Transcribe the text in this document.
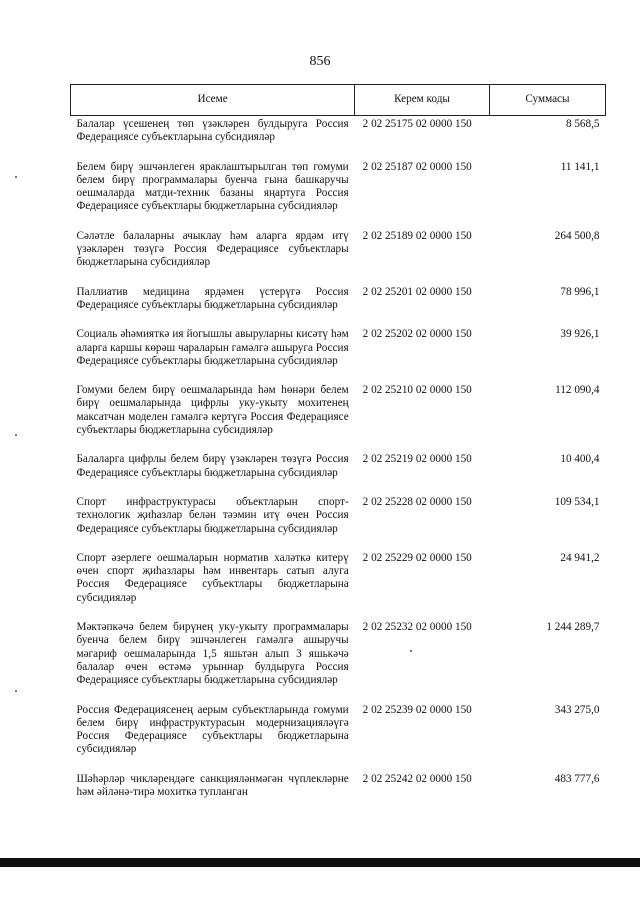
856
Исеме	Керем коды	Суммасы
Балалар үсешенең төп үзәкләрен булдыруга Россия Федерациясе субъектларына субсидияләр	2 02 25175 02 0000 150	8 568,5
Белем бирү эшчәнлеген яраклаштырылган төп гомуми белем бирү программалары буенча гына башкаручы оешмаларда матди-техник базаны яңартуга Россия Федерациясе субъектлары бюджетларына субсидияләр	2 02 25187 02 0000 150	11 141,1
Сәләтле балаларны ачыклау һәм аларга ярдәм итү үзәкләрен төзүгә Россия Федерациясе субъектлары бюджетларына субсидияләр	2 02 25189 02 0000 150	264 500,8
Паллиатив медицина ярдәмен үстерүгә Россия Федерациясе субъектлары бюджетларына субсидияләр	2 02 25201 02 0000 150	78 996,1
Социаль әһәмияткә ия йогышлы авыруларны кисәтү һәм аларга каршы көрәш чараларын гамәлгә ашыруга Россия Федерациясе субъектлары бюджетларына субсидияләр	2 02 25202 02 0000 150	39 926,1
Гомуми белем бирү оешмаларында һәм һөнәри белем бирү оешмаларында цифрлы уку-укыту мохитенең максатчан моделен гамәлгә кертүгә Россия Федерациясе субъектлары бюджетларына субсидияләр	2 02 25210 02 0000 150	112 090,4
Балаларга цифрлы белем бирү үзәкләрен төзүгә Россия Федерациясе субъектлары бюджетларына субсидияләр	2 02 25219 02 0000 150	10 400,4
Спорт инфраструктурасы объектларын спорт-технологик җиһазлар белән тәэмин итү өчен Россия Федерациясе субъектлары бюджетларына субсидияләр	2 02 25228 02 0000 150	109 534,1
Спорт әзерлеге оешмаларын норматив халәткә китерү өчен спорт җиһазлары һәм инвентарь сатып алуга Россия Федерациясе субъектлары бюджетларына субсидияләр	2 02 25229 02 0000 150	24 941,2
Мәктәпкәчә белем бирүнең уку-укыту программалары буенча белем бирү эшчәнлеген гамәлгә ашыручы мәгариф оешмаларында 1,5 яшьтән алып 3 яшькәчә балалар өчен өстәмә урыннар булдыруга Россия Федерациясе субъектлары бюджетларына субсидияләр	2 02 25232 02 0000 150	1 244 289,7
Россия Федерациясенең аерым субъектларында гомуми белем бирү инфраструктурасын модернизацияләүгә Россия Федерациясе субъектлары бюджетларына субсидияләр	2 02 25239 02 0000 150	343 275,0
Шәһәрләр чикләрендәге санкцияләнмәгән чүплекләрне һәм әйләнә-тирә мохиткә тупланган	2 02 25242 02 0000 150	483 777,6
